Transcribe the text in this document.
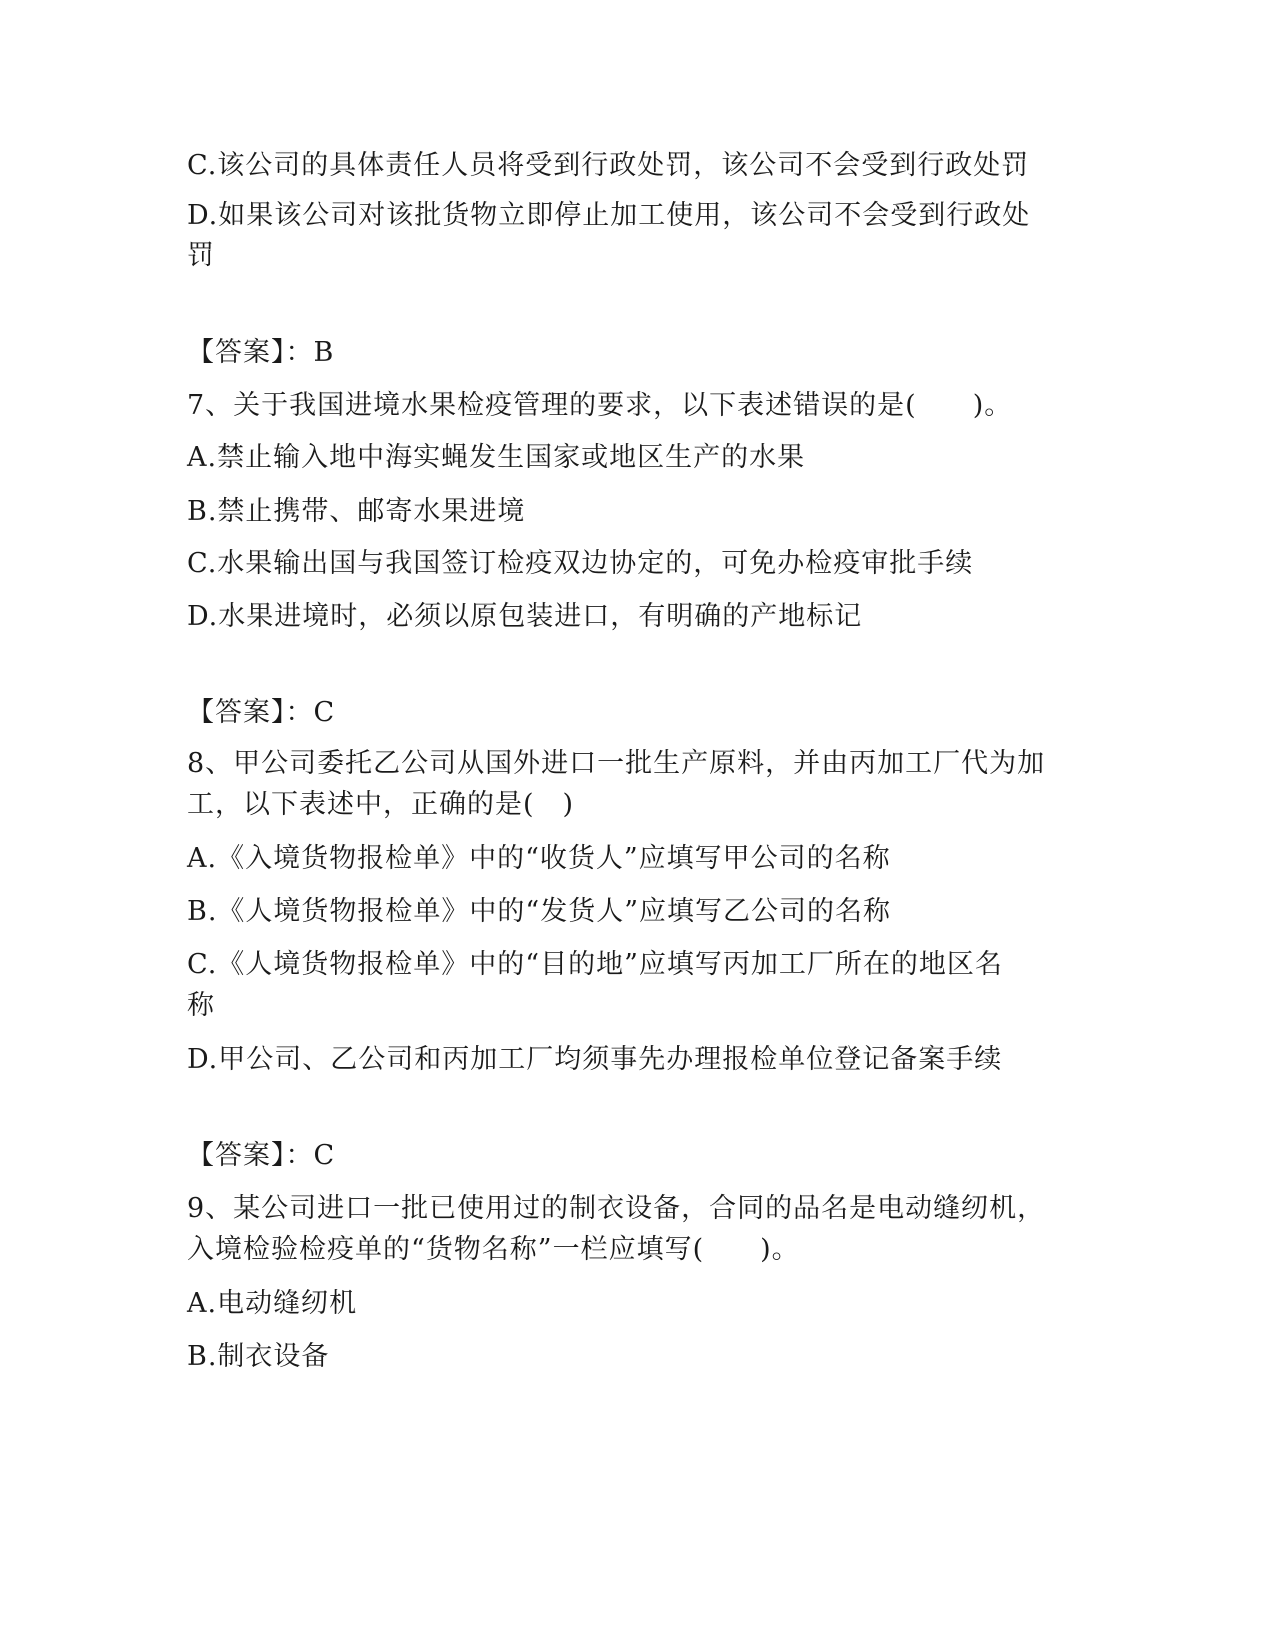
C.该公司的具体责任人员将受到行政处罚，该公司不会受到行政处罚
D.如果该公司对该批货物立即停止加工使用，该公司不会受到行政处
罚
【答案】：B
7、关于我国进境水果检疫管理的要求，以下表述错误的是(　　)。
A.禁止输入地中海实蝇发生国家或地区生产的水果
B.禁止携带、邮寄水果进境
C.水果输出国与我国签订检疫双边协定的，可免办检疫审批手续
D.水果进境时，必须以原包装进口，有明确的产地标记
【答案】：C
8、甲公司委托乙公司从国外进口一批生产原料，并由丙加工厂代为加
工，以下表述中，正确的是(　)
A.《入境货物报检单》中的“收货人”应填写甲公司的名称
B.《人境货物报检单》中的“发货人”应填写乙公司的名称
C.《人境货物报检单》中的“目的地”应填写丙加工厂所在的地区名
称
D.甲公司、乙公司和丙加工厂均须事先办理报检单位登记备案手续
【答案】：C
9、某公司进口一批已使用过的制衣设备，合同的品名是电动缝纫机，
入境检验检疫单的“货物名称”一栏应填写(　　)。
A.电动缝纫机
B.制衣设备
